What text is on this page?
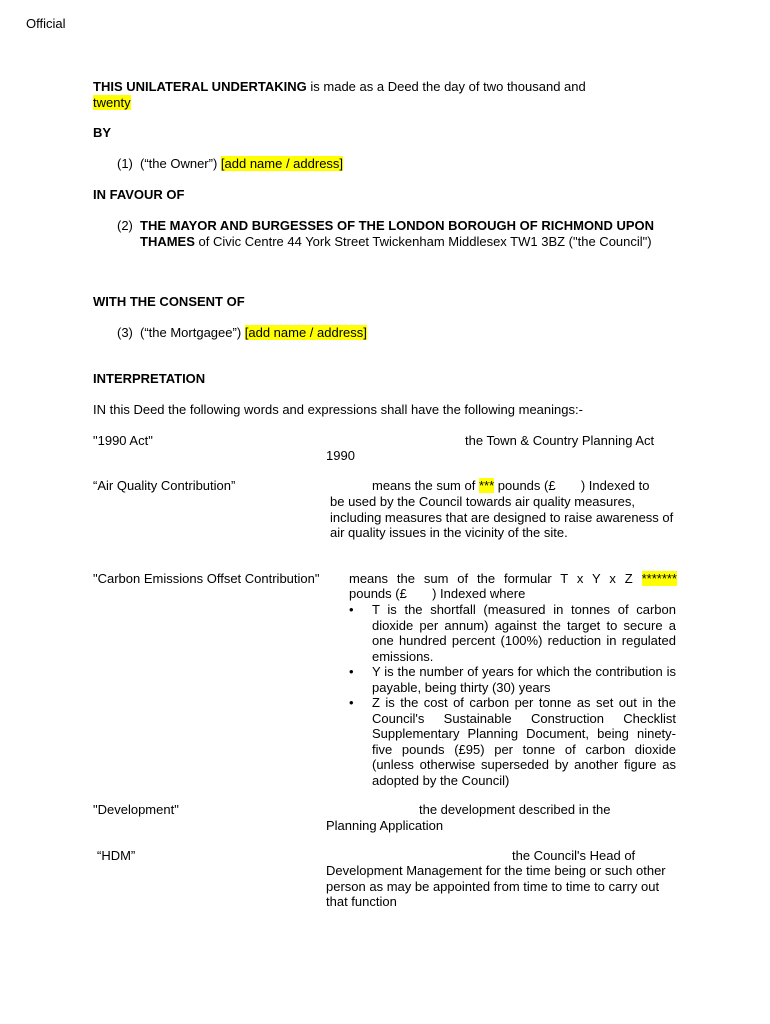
Official
THIS UNILATERAL UNDERTAKING is made as a Deed the day of two thousand and
twenty
BY
(1) (“the Owner”) [add name / address]
IN FAVOUR OF
(2) THE MAYOR AND BURGESSES OF THE LONDON BOROUGH OF RICHMOND UPON THAMES of Civic Centre 44 York Street Twickenham Middlesex TW1 3BZ ("the Council")
WITH THE CONSENT OF
(3) (“the Mortgagee”) [add name / address]
INTERPRETATION
IN this Deed the following words and expressions shall have the following meanings:-
"1990 Act"	the Town & Country Planning Act
1990
“Air Quality Contribution”	means the sum of *** pounds (£       ) Indexed to
be used by the Council towards air quality measures, including measures that are designed to raise awareness of air quality issues in the vicinity of the site.
"Carbon Emissions Offset Contribution" means the sum of the formular T x Y x Z *******
pounds (£       ) Indexed where
• T is the shortfall (measured in tonnes of carbon dioxide per annum) against the target to secure a one hundred percent (100%) reduction in regulated emissions.
• Y is the number of years for which the contribution is payable, being thirty (30) years
• Z is the cost of carbon per tonne as set out in the Council's Sustainable Construction Checklist Supplementary Planning Document, being ninety-five pounds (£95) per tonne of carbon dioxide (unless otherwise superseded by another figure as adopted by the Council)
"Development"	the development described in the
Planning Application
“HDM”	the Council's Head of
Development Management for the time being or such other person as may be appointed from time to time to carry out that function
